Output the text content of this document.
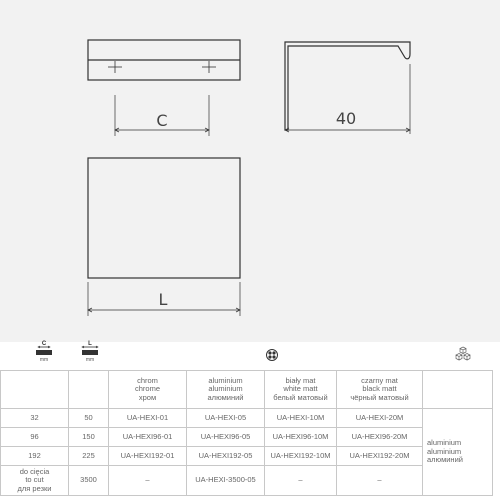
C	40
L
C
mm
L
mm

		chrom
chrome
хром	aluminium
aluminium
алюминий	biały mat
white matt
белый матовый	czarny mat
black matt
чёрный матовый	

32	50	UA-HEXI-01	UA-HEXI-05	UA-HEXI-10M	UA-HEXI-20M	aluminium
aluminium
алюминий

96	150	UA-HEXI96-01	UA-HEXI96-05	UA-HEXI96-10M	UA-HEXI96-20M	
192	225	UA-HEXI192-01	UA-HEXI192-05	UA-HEXI192-10M	UA-HEXI192-20M	

do cięcia
to cut
для резки	3500	–	UA-HEXI-3500-05	–	–	
